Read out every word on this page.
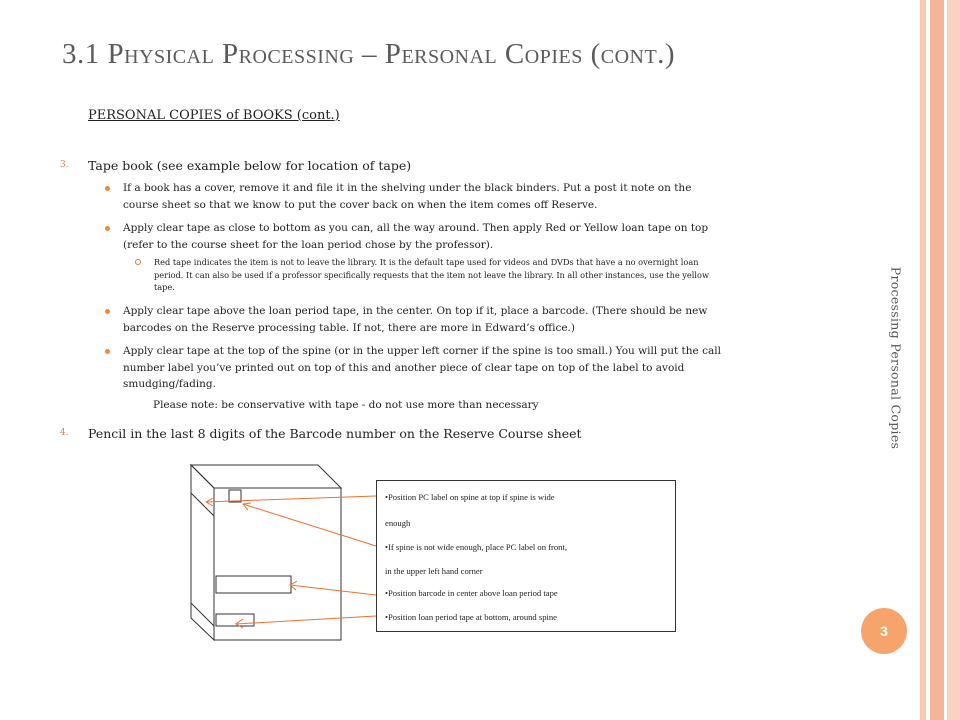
3.1 Physical Processing – Personal Copies (cont.)
PERSONAL COPIES of BOOKS (cont.)
3. Tape book (see example below for location of tape)
If a book has a cover, remove it and file it in the shelving under the black binders. Put a post it note on the
course sheet so that we know to put the cover back on when the item comes off Reserve.
Apply clear tape as close to bottom as you can, all the way around. Then apply Red or Yellow loan tape on top
(refer to the course sheet for the loan period chose by the professor).
Red tape indicates the item is not to leave the library. It is the default tape used for videos and DVDs that have a no overnight loan
period. It can also be used if a professor specifically requests that the item not leave the library. In all other instances, use the yellow
tape.
Apply clear tape above the loan period tape, in the center. On top if it, place a barcode. (There should be new
barcodes on the Reserve processing table. If not, there are more in Edward’s office.)
Apply clear tape at the top of the spine (or in the upper left corner if the spine is too small.) You will put the call
number label you’ve printed out on top of this and another piece of clear tape on top of the label to avoid
smudging/fading.
Please note: be conservative with tape - do not use more than necessary
4. Pencil in the last 8 digits of the Barcode number on the Reserve Course sheet
•Position PC label on spine at top if spine is wide
enough
•If spine is not wide enough, place PC label on front,
in the upper left hand corner
•Position barcode in center above loan period tape
•Position loan period tape at bottom, around spine
Processing Personal Copies
3
